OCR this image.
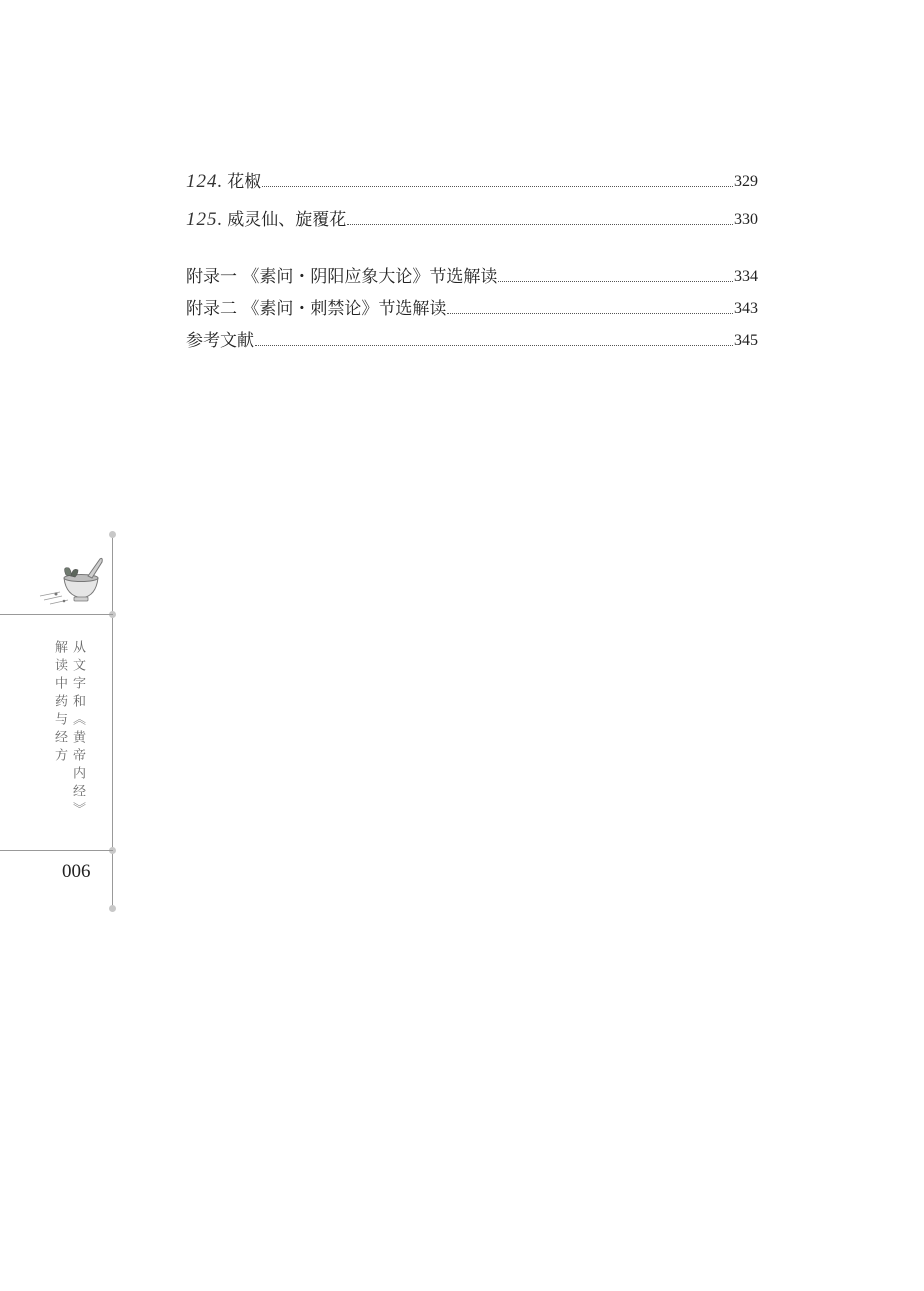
124. 花椒	329
125. 威灵仙、旋覆花	330
附录一 《素问・阴阳应象大论》节选解读	334
附录二 《素问・刺禁论》节选解读	343
参考文献	345
从文字和《黄帝内经》
解读中药与经方
006
